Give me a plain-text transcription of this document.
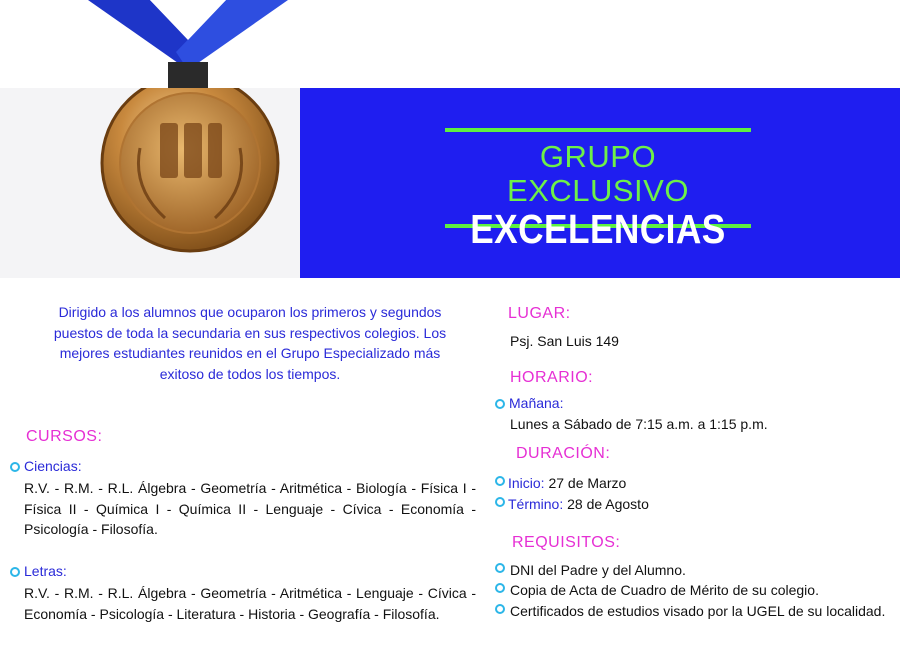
GRUPO EXCLUSIVO
EXCELENCIAS
Dirigido a los alumnos que ocuparon los primeros y segundos puestos de toda la secundaria en sus respectivos colegios. Los mejores estudiantes reunidos en el Grupo Especializado más exitoso de todos los tiempos.
CURSOS:
Ciencias:
R.V. - R.M. - R.L. Álgebra - Geometría - Aritmética - Biología - Física I - Física II - Química I - Química II - Lenguaje - Cívica - Economía - Psicología - Filosofía.
Letras:
R.V. - R.M. - R.L. Álgebra - Geometría - Aritmética - Lenguaje - Cívica - Economía - Psicología - Literatura - Historia - Geografía - Filosofía.
LUGAR:
Psj. San Luis 149
HORARIO:
Mañana:
Lunes a Sábado de 7:15 a.m. a 1:15 p.m.
DURACIÓN:
Inicio: 27 de Marzo
Término: 28 de Agosto
REQUISITOS:
DNI del Padre y del Alumno.
Copia de Acta de Cuadro de Mérito de su colegio.
Certificados de estudios visado por la UGEL de su localidad.
